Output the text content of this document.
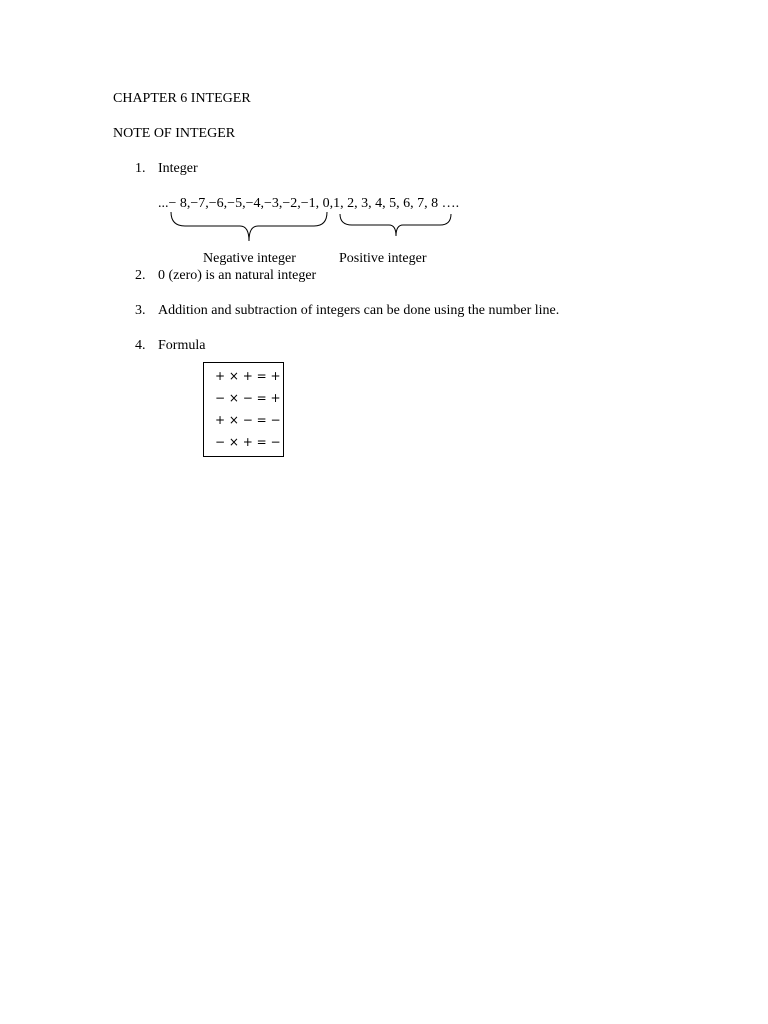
CHAPTER 6 INTEGER
NOTE OF INTEGER
1. Integer
...− 8,−7,−6,−5,−4,−3,−2,−1, 0,1, 2, 3, 4, 5, 6, 7, 8 ….
Negative integer	Positive integer
2. 0 (zero) is an natural integer
3. Addition and subtraction of integers can be done using the number line.
4. Formula
+ × + = +
− × − = +
+ × − = −
− × + = −
